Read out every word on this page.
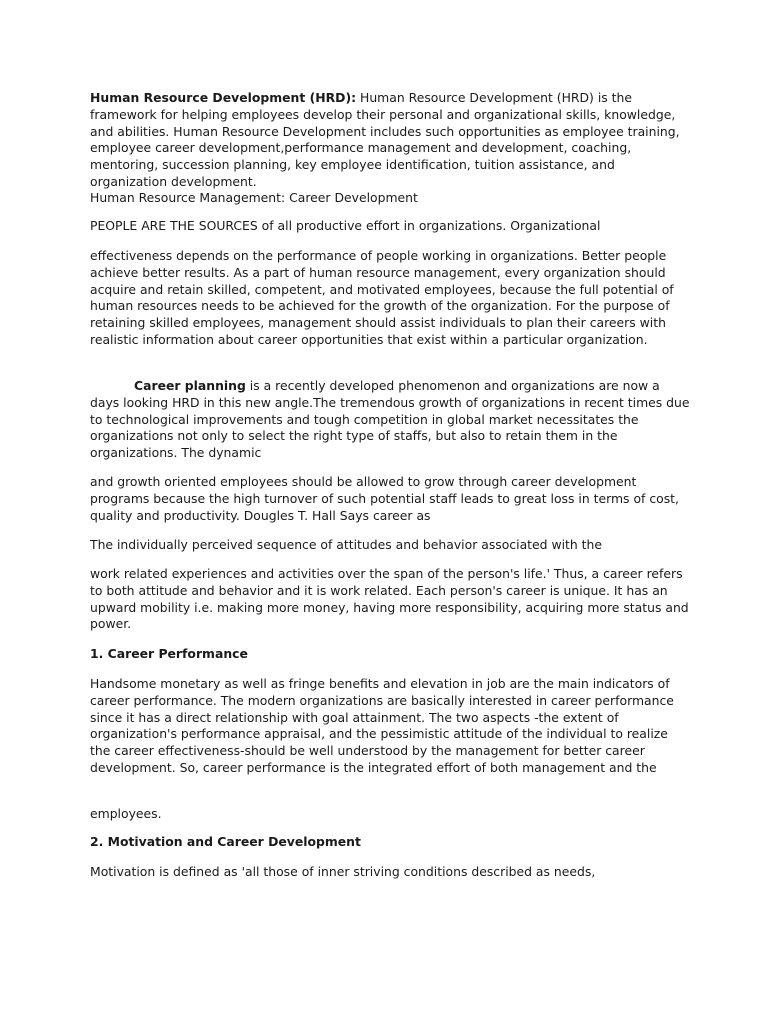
Human Resource Development (HRD): Human Resource Development (HRD) is the framework for helping employees develop their personal and organizational skills, knowledge, and abilities. Human Resource Development includes such opportunities as employee training, employee career development,performance management and development, coaching, mentoring, succession planning, key employee identification, tuition assistance, and organization development.

Human Resource Management: Career Development

PEOPLE ARE THE SOURCES of all productive effort in organizations. Organizational

effectiveness depends on the performance of people working in organizations. Better people achieve better results. As a part of human resource management, every organization should acquire and retain skilled, competent, and motivated employees, because the full potential of human resources needs to be achieved for the growth of the organization. For the purpose of retaining skilled employees, management should assist individuals to plan their careers with realistic information about career opportunities that exist within a particular organization.

Career planning is a recently developed phenomenon and organizations are now a days looking HRD in this new angle.The tremendous growth of organizations in recent times due to technological improvements and tough competition in global market necessitates the organizations not only to select the right type of staffs, but also to retain them in the organizations. The dynamic

and growth oriented employees should be allowed to grow through career development programs because the high turnover of such potential staff leads to great loss in terms of cost, quality and productivity. Dougles T. Hall Says career as

The individually perceived sequence of attitudes and behavior associated with the

work related experiences and activities over the span of the person's life.' Thus, a career refers to both attitude and behavior and it is work related. Each person's career is unique. It has an upward mobility i.e. making more money, having more responsibility, acquiring more status and power.

1. Career Performance

Handsome monetary as well as fringe benefits and elevation in job are the main indicators of career performance. The modern organizations are basically interested in career performance since it has a direct relationship with goal attainment. The two aspects -the extent of organization's performance appraisal, and the pessimistic attitude of the individual to realize the career effectiveness-should be well understood by the management for better career development. So, career performance is the integrated effort of both management and the

employees.

2. Motivation and Career Development

Motivation is defined as 'all those of inner striving conditions described as needs,
